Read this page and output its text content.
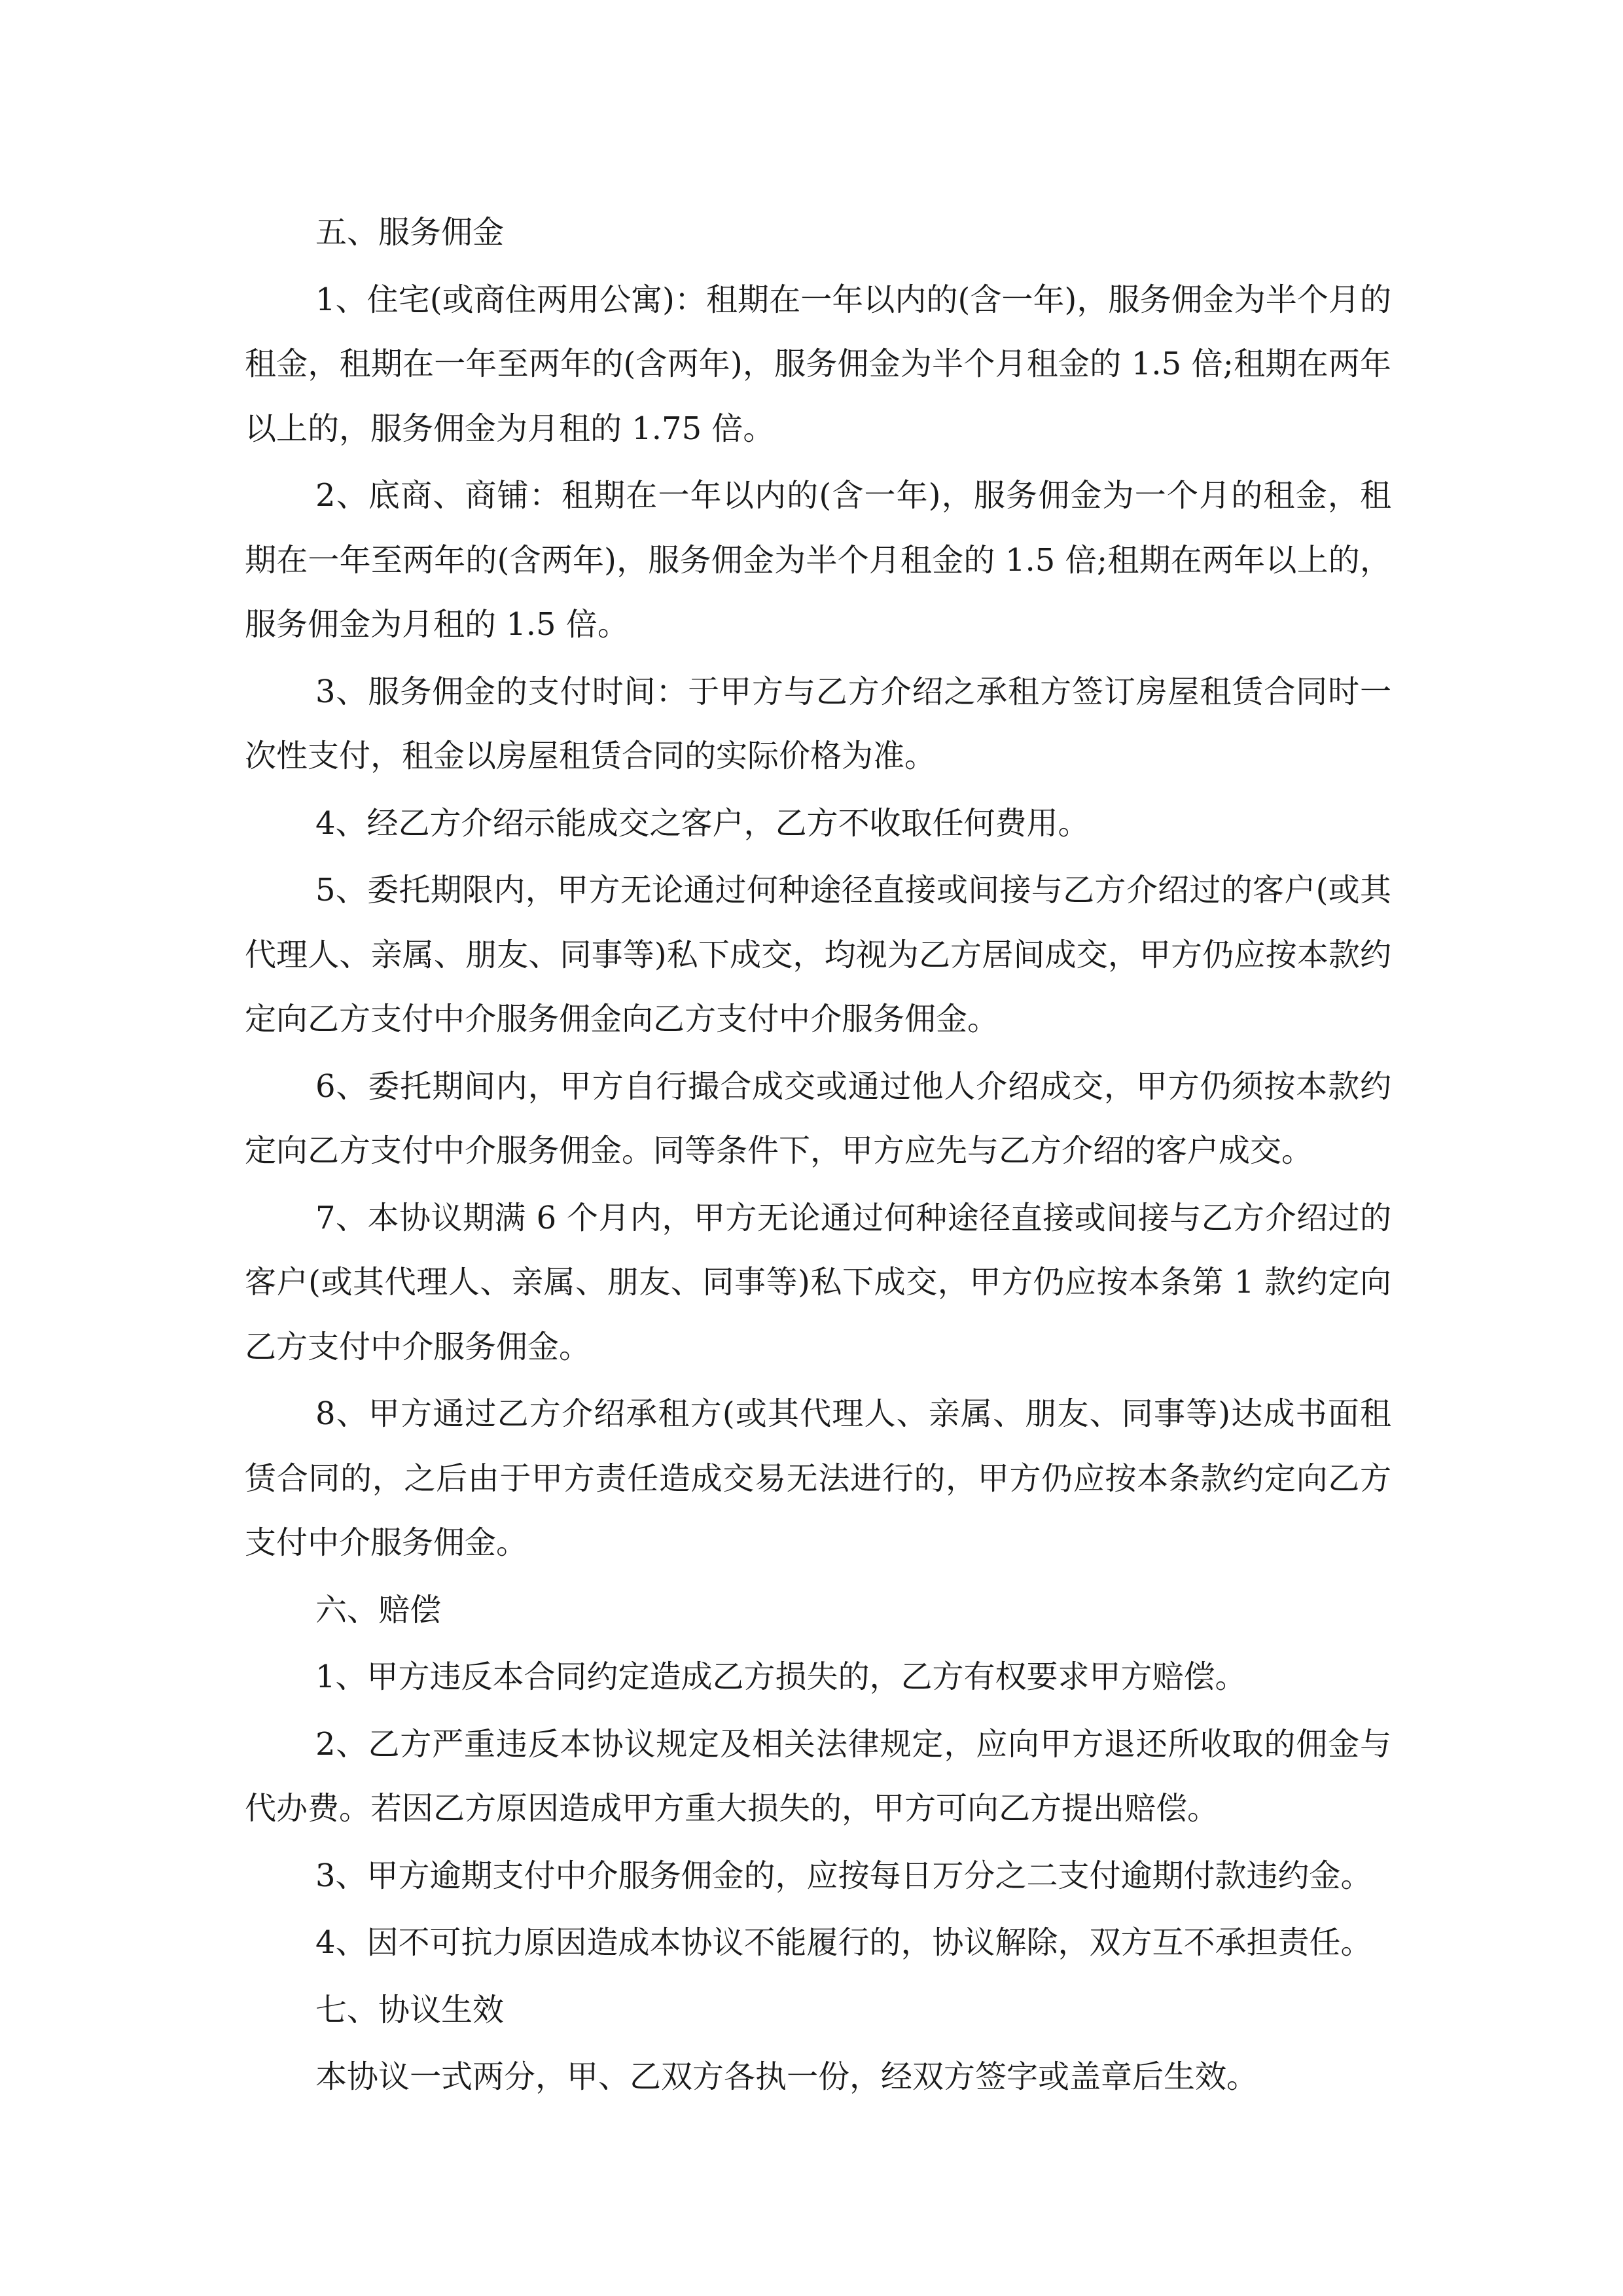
五、服务佣金

1、住宅(或商住两用公寓)：租期在一年以内的(含一年)，服务佣金为半个月的租金，租期在一年至两年的(含两年)，服务佣金为半个月租金的 1.5 倍;租期在两年以上的，服务佣金为月租的 1.75 倍。

2、底商、商铺：租期在一年以内的(含一年)，服务佣金为一个月的租金，租期在一年至两年的(含两年)，服务佣金为半个月租金的 1.5 倍;租期在两年以上的，服务佣金为月租的 1.5 倍。

3、服务佣金的支付时间：于甲方与乙方介绍之承租方签订房屋租赁合同时一次性支付，租金以房屋租赁合同的实际价格为准。

4、经乙方介绍示能成交之客户，乙方不收取任何费用。

5、委托期限内，甲方无论通过何种途径直接或间接与乙方介绍过的客户(或其代理人、亲属、朋友、同事等)私下成交，均视为乙方居间成交，甲方仍应按本款约定向乙方支付中介服务佣金向乙方支付中介服务佣金。

6、委托期间内，甲方自行撮合成交或通过他人介绍成交，甲方仍须按本款约定向乙方支付中介服务佣金。同等条件下，甲方应先与乙方介绍的客户成交。

7、本协议期满 6 个月内，甲方无论通过何种途径直接或间接与乙方介绍过的客户(或其代理人、亲属、朋友、同事等)私下成交，甲方仍应按本条第 1 款约定向乙方支付中介服务佣金。

8、甲方通过乙方介绍承租方(或其代理人、亲属、朋友、同事等)达成书面租赁合同的，之后由于甲方责任造成交易无法进行的，甲方仍应按本条款约定向乙方支付中介服务佣金。

六、赔偿

1、甲方违反本合同约定造成乙方损失的，乙方有权要求甲方赔偿。

2、乙方严重违反本协议规定及相关法律规定，应向甲方退还所收取的佣金与代办费。若因乙方原因造成甲方重大损失的，甲方可向乙方提出赔偿。

3、甲方逾期支付中介服务佣金的，应按每日万分之二支付逾期付款违约金。

4、因不可抗力原因造成本协议不能履行的，协议解除，双方互不承担责任。

七、协议生效

本协议一式两分，甲、乙双方各执一份，经双方签字或盖章后生效。
